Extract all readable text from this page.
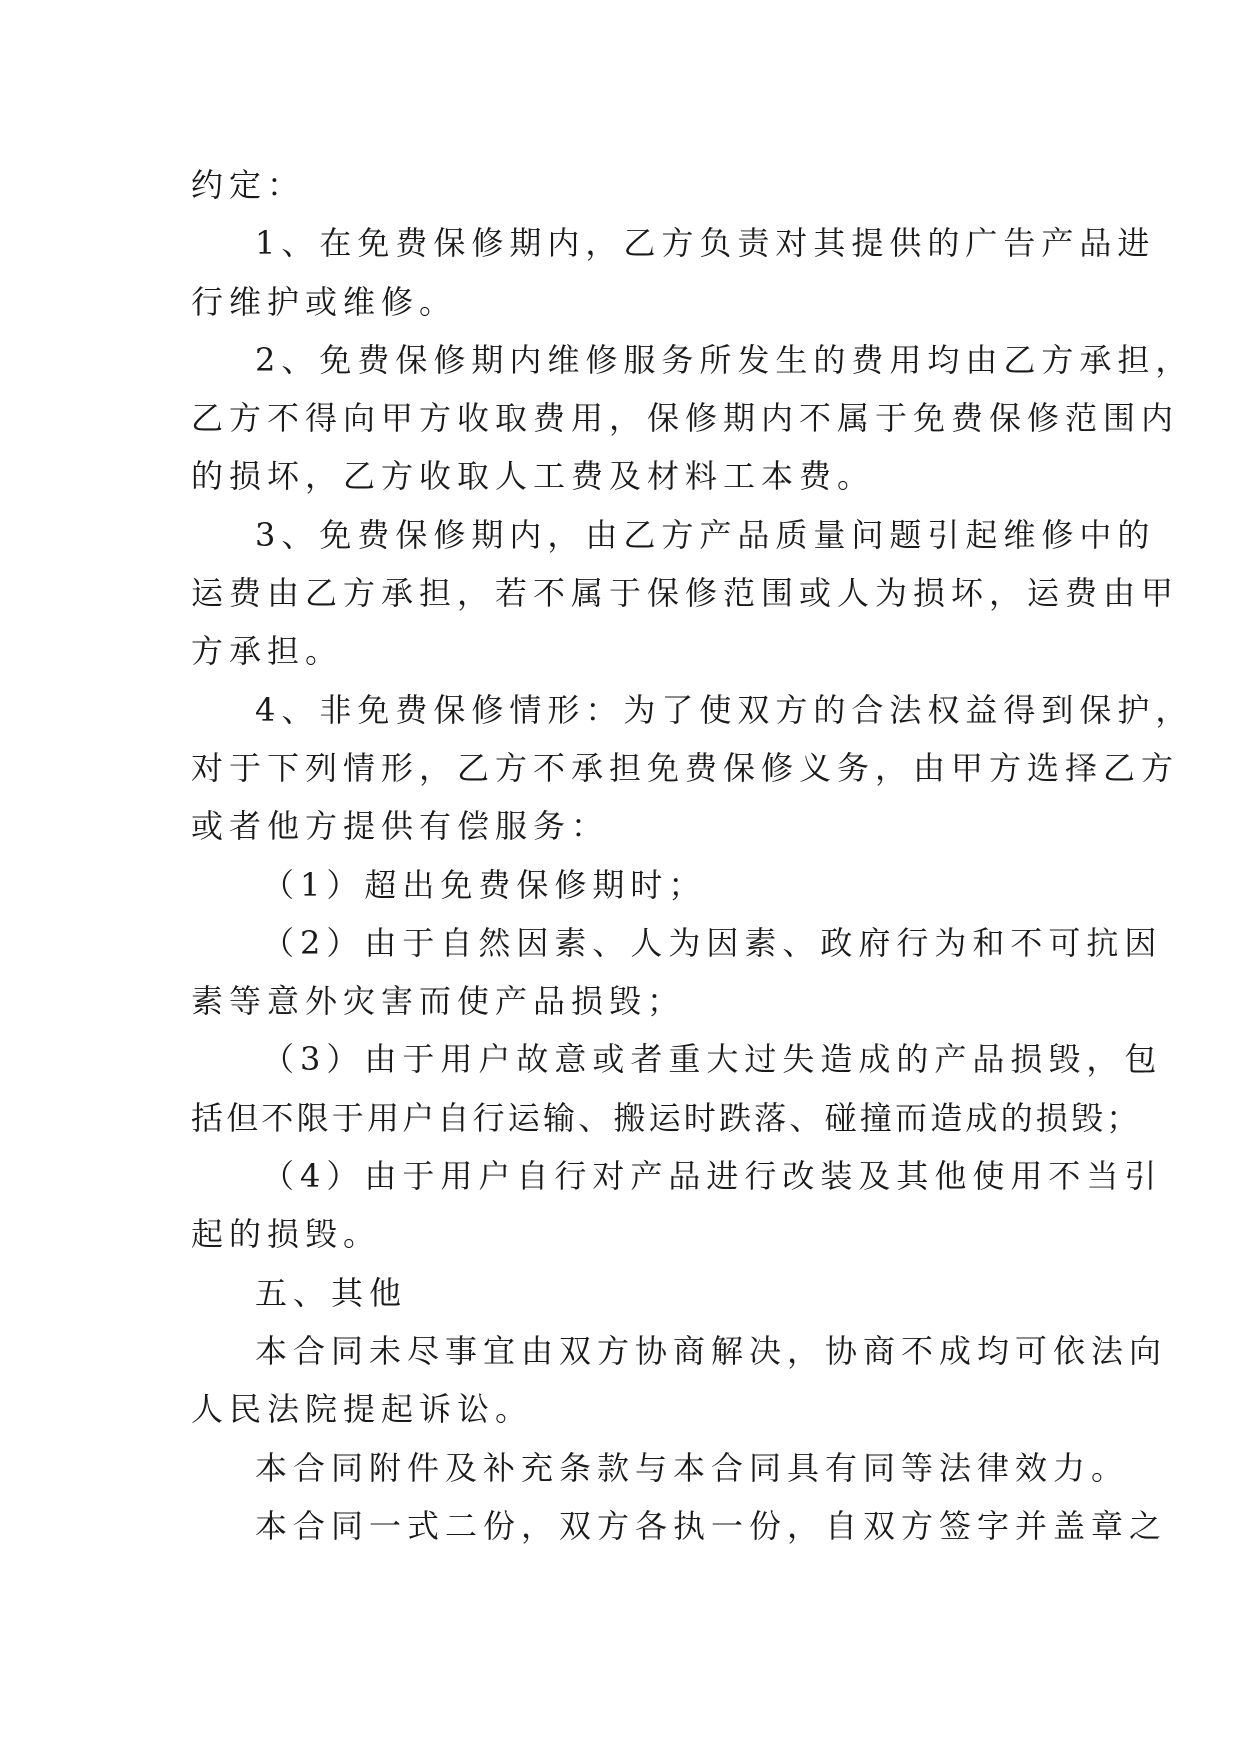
约定：
1、在免费保修期内，乙方负责对其提供的广告产品进
行维护或维修。
2、免费保修期内维修服务所发生的费用均由乙方承担，
乙方不得向甲方收取费用，保修期内不属于免费保修范围内
的损坏，乙方收取人工费及材料工本费。
3、免费保修期内，由乙方产品质量问题引起维修中的
运费由乙方承担，若不属于保修范围或人为损坏，运费由甲
方承担。
4、非免费保修情形：为了使双方的合法权益得到保护，
对于下列情形，乙方不承担免费保修义务，由甲方选择乙方
或者他方提供有偿服务：
（1）超出免费保修期时；
（2）由于自然因素、人为因素、政府行为和不可抗因
素等意外灾害而使产品损毁；
（3）由于用户故意或者重大过失造成的产品损毁，包
括但不限于用户自行运输、搬运时跌落、碰撞而造成的损毁；
（4）由于用户自行对产品进行改装及其他使用不当引
起的损毁。
五、其他
本合同未尽事宜由双方协商解决，协商不成均可依法向
人民法院提起诉讼。
本合同附件及补充条款与本合同具有同等法律效力。
本合同一式二份，双方各执一份，自双方签字并盖章之
